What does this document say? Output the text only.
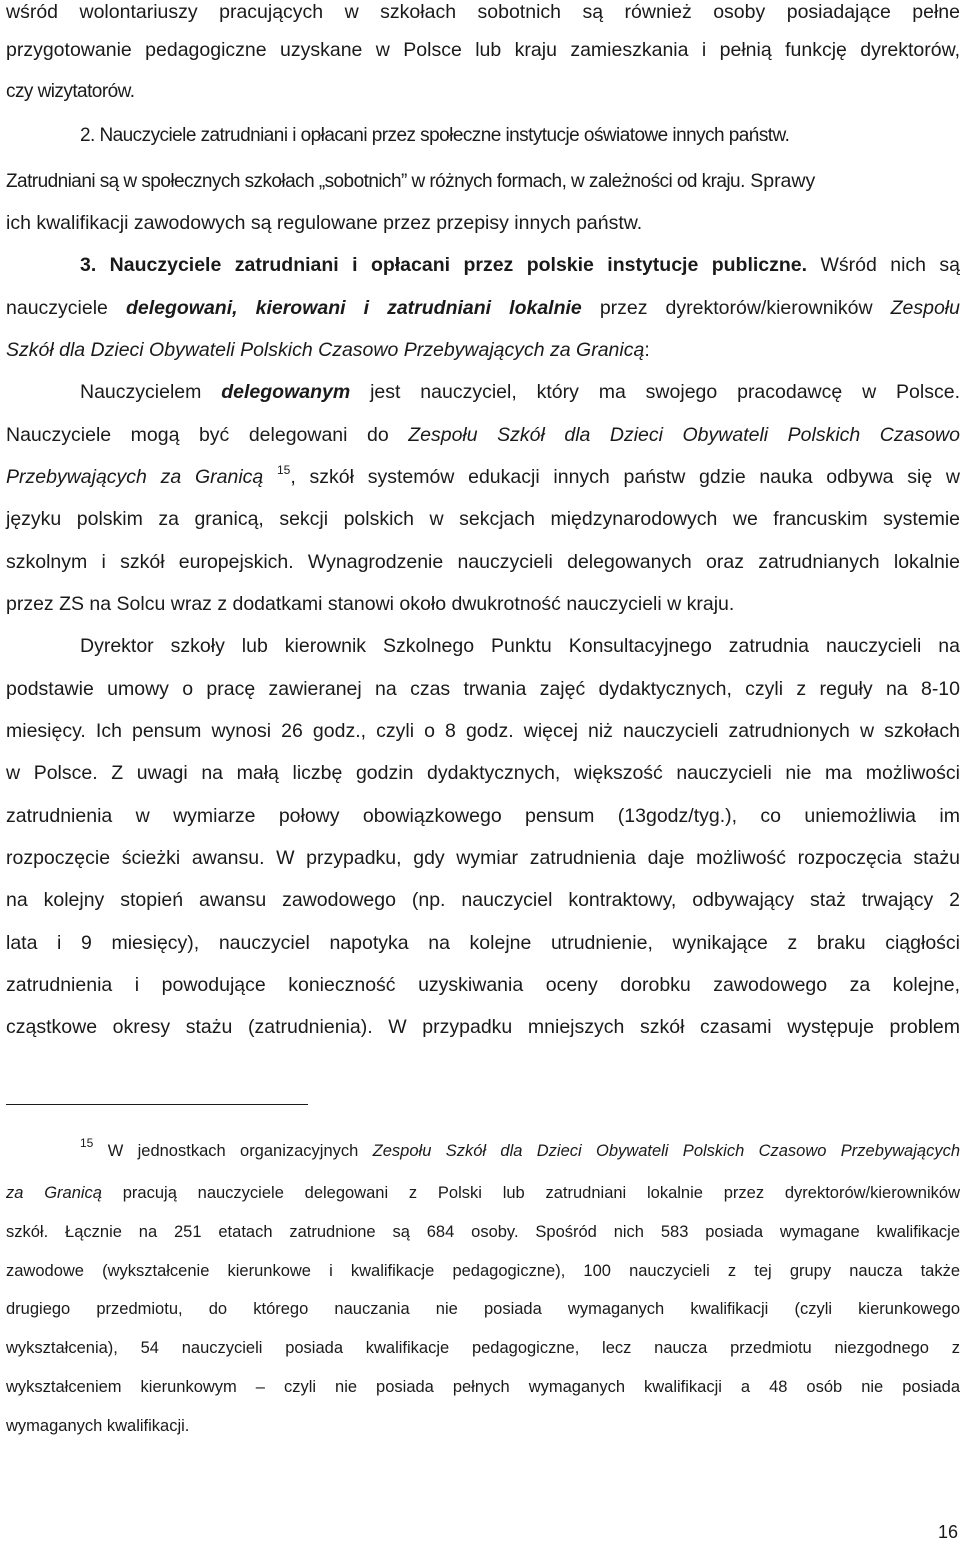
wśród wolontariuszy pracujących w szkołach sobotnich są również osoby posiadające pełne
przygotowanie pedagogiczne uzyskane w Polsce lub kraju zamieszkania i pełnią funkcję dyrektorów,
czy wizytatorów.
2. Nauczyciele zatrudniani i opłacani przez społeczne instytucje oświatowe innych państw.
Zatrudniani są w społecznych szkołach „sobotnich” w różnych formach, w zależności od kraju. Sprawy
ich kwalifikacji zawodowych są regulowane przez przepisy innych państw.
3. Nauczyciele zatrudniani i opłacani przez polskie instytucje publiczne. Wśród nich są
nauczyciele delegowani, kierowani i zatrudniani lokalnie przez dyrektorów/kierowników Zespołu
Szkół dla Dzieci Obywateli Polskich Czasowo Przebywających za Granicą:
Nauczycielem delegowanym jest nauczyciel, który ma swojego pracodawcę w Polsce.
Nauczyciele mogą być delegowani do Zespołu Szkół dla Dzieci Obywateli Polskich Czasowo
Przebywających za Granicą $^{15}$, szkół systemów edukacji innych państw gdzie nauka odbywa się w
języku polskim za granicą, sekcji polskich w sekcjach międzynarodowych we francuskim systemie
szkolnym i szkół europejskich. Wynagrodzenie nauczycieli delegowanych oraz zatrudnianych lokalnie
przez ZS na Solcu wraz z dodatkami stanowi około dwukrotność nauczycieli w kraju.
Dyrektor szkoły lub kierownik Szkolnego Punktu Konsultacyjnego zatrudnia nauczycieli na
podstawie umowy o pracę zawieranej na czas trwania zajęć dydaktycznych, czyli z reguły na 8-10
miesięcy. Ich pensum wynosi 26 godz., czyli o 8 godz. więcej niż nauczycieli zatrudnionych w szkołach
w Polsce. Z uwagi na małą liczbę godzin dydaktycznych, większość nauczycieli nie ma możliwości
zatrudnienia w wymiarze połowy obowiązkowego pensum (13godz/tyg.), co uniemożliwia im
rozpoczęcie ścieżki awansu. W przypadku, gdy wymiar zatrudnienia daje możliwość rozpoczęcia stażu
na kolejny stopień awansu zawodowego (np. nauczyciel kontraktowy, odbywający staż trwający 2
lata i 9 miesięcy), nauczyciel napotyka na kolejne utrudnienie, wynikające z braku ciągłości
zatrudnienia i powodujące konieczność uzyskiwania oceny dorobku zawodowego za kolejne,
cząstkowe okresy stażu (zatrudnienia). W przypadku mniejszych szkół czasami występuje problem
$^{15}$ W jednostkach organizacyjnych Zespołu Szkół dla Dzieci Obywateli Polskich Czasowo Przebywających
za Granicą pracują nauczyciele delegowani z Polski lub zatrudniani lokalnie przez dyrektorów/kierowników
szkół. Łącznie na 251 etatach zatrudnione są 684 osoby. Spośród nich 583 posiada wymagane kwalifikacje
zawodowe (wykształcenie kierunkowe i kwalifikacje pedagogiczne), 100 nauczycieli z tej grupy naucza także
drugiego przedmiotu, do którego nauczania nie posiada wymaganych kwalifikacji (czyli kierunkowego
wykształcenia), 54 nauczycieli posiada kwalifikacje pedagogiczne, lecz naucza przedmiotu niezgodnego z
wykształceniem kierunkowym – czyli nie posiada pełnych wymaganych kwalifikacji a 48 osób nie posiada
wymaganych kwalifikacji.
16
